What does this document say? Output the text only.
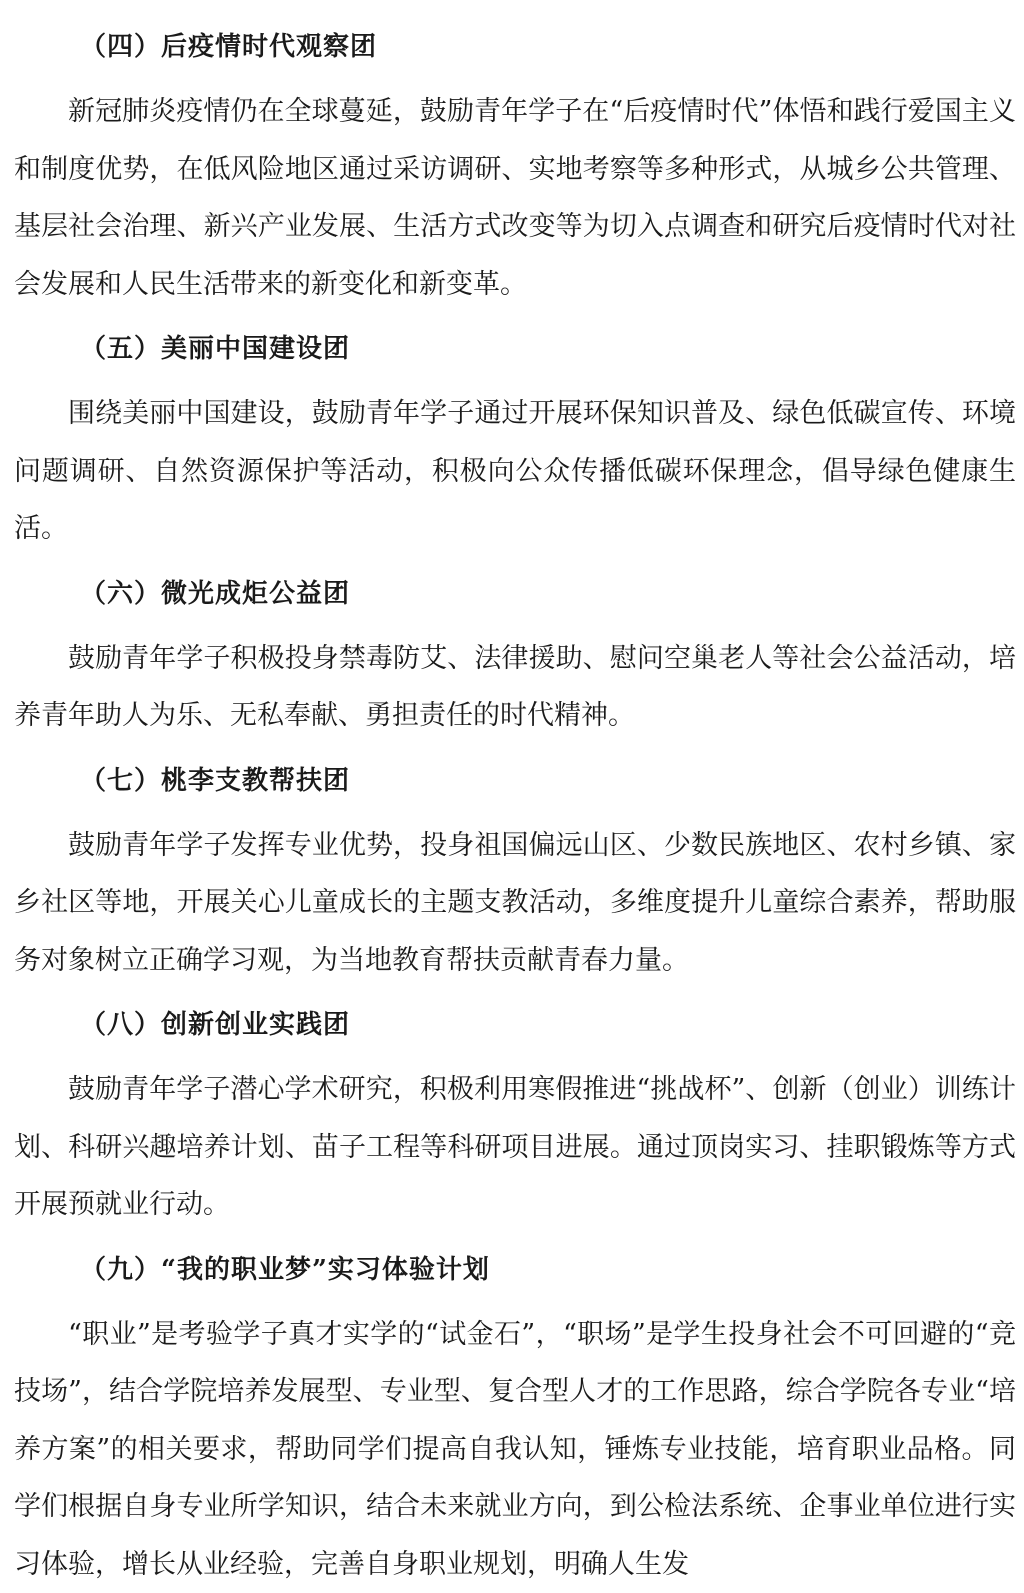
（四）后疫情时代观察团

新冠肺炎疫情仍在全球蔓延，鼓励青年学子在“后疫情时代”体悟和践行爱国主义和制度优势，在低风险地区通过采访调研、实地考察等多种形式，从城乡公共管理、基层社会治理、新兴产业发展、生活方式改变等为切入点调查和研究后疫情时代对社会发展和人民生活带来的新变化和新变革。

（五）美丽中国建设团

围绕美丽中国建设，鼓励青年学子通过开展环保知识普及、绿色低碳宣传、环境问题调研、自然资源保护等活动，积极向公众传播低碳环保理念，倡导绿色健康生活。

（六）微光成炬公益团

鼓励青年学子积极投身禁毒防艾、法律援助、慰问空巢老人等社会公益活动，培养青年助人为乐、无私奉献、勇担责任的时代精神。

（七）桃李支教帮扶团

鼓励青年学子发挥专业优势，投身祖国偏远山区、少数民族地区、农村乡镇、家乡社区等地，开展关心儿童成长的主题支教活动，多维度提升儿童综合素养，帮助服务对象树立正确学习观，为当地教育帮扶贡献青春力量。

（八）创新创业实践团

鼓励青年学子潜心学术研究，积极利用寒假推进“挑战杯”、创新（创业）训练计划、科研兴趣培养计划、苗子工程等科研项目进展。通过顶岗实习、挂职锻炼等方式开展预就业行动。

（九）“我的职业梦”实习体验计划

“职业”是考验学子真才实学的“试金石”，“职场”是学生投身社会不可回避的“竞技场”，结合学院培养发展型、专业型、复合型人才的工作思路，综合学院各专业“培养方案”的相关要求，帮助同学们提高自我认知，锤炼专业技能，培育职业品格。同学们根据自身专业所学知识，结合未来就业方向，到公检法系统、企事业单位进行实习体验，增长从业经验，完善自身职业规划，明确人生发
